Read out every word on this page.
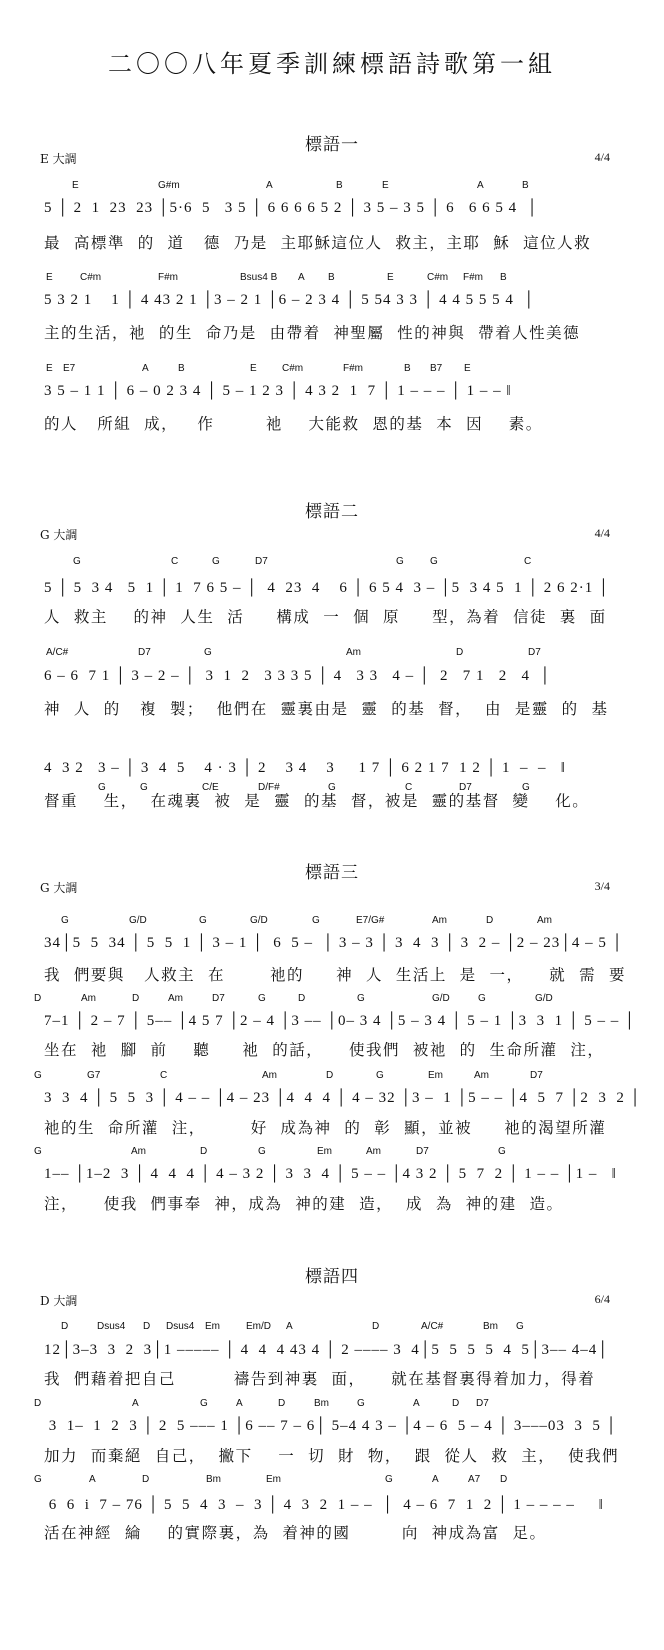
二〇〇八年夏季訓練標語詩歌第一組
標語一
E 大調	4/4
E	G#m	A	B	E	A	B
5 │ 2  1  23  23 │5·6  5   3 5 │ 6 6 6 6 5 2 │ 3 5 – 3 5 │ 6   6 6 5 4  │
最  高標準  的  道   德  乃是  主耶穌這位人  救主，主耶  穌  這位人救
E	C#m	F#m	Bsus4 B A B	E	C#m F#m B
5 3 2 1    1 │ 4 43 2 1 │3 – 2 1 │6 – 2 3 4 │ 5 54 3 3 │ 4 4 5 5 5 4  │
主的生活，祂  的生  命乃是  由帶着  神聖屬  性的神與  帶着人性美德
E E7	A	B	E	C#m	F#m	B B7 E
3 5 – 1 1 │ 6 – 0 2 3 4 │ 5 – 1 2 3 │ 4 3 2  1  7 │ 1 – – – │ 1 – – ‖
的人   所組  成，   作        祂    大能救  恩的基  本  因    素。
標語二
G 大調	4/4
G	C	G	D7	G	G	C
5 │ 5  3 4   5  1 │ 1  7 6 5 – │  4  23  4    6 │ 6 5 4  3 – │5  3 4 5  1 │ 2 6 2·1 │
人  救主    的神  人生  活     構成  一  個  原     型，為着  信徒  裏  面
A/C#	D7	G	Am	D	D7
6 – 6  7 1 │ 3 – 2 – │  3  1  2   3 3 3 5 │ 4   3 3   4 – │  2   7 1   2   4  │
神  人  的   複  製；  他們在  靈裏由是  靈  的基  督，  由  是靈  的  基
G	G	C/E	D/F#	G	C	D7	G
4  3 2   3 – │ 3  4  5    4 · 3 │ 2    3 4    3     1 7 │ 6 2 1 7  1 2 │ 1  –  –   ‖
督重    生，  在魂裏  被  是  靈  的基  督，被是  靈的基督  變    化。
標語三
G 大調	3/4
G	G/D	G	G/D	G	E7/G#	Am	D	Am
34│5  5  34 │ 5  5  1 │ 3 – 1 │  6  5 –  │ 3 – 3 │ 3  4  3 │ 3  2 – │2 – 23│4 – 5 │
我  們要與   人救主  在       祂的     神  人  生活上  是  一，    就  需  要
D	Am	D	Am	D7	G	D	G	G/D	G	G/D
7–1 │ 2 – 7 │ 5–– │4 5 7 │2 – 4 │3 –– │0– 3 4 │5 – 3 4 │ 5 – 1 │3  3  1 │ 5 – – │
坐在  祂  腳  前    聽     祂  的話，    使我們  被祂  的  生命所灌  注，
G	G7	C	Am	D	G	Em	Am	D7
3  3  4 │ 5  5  3 │ 4 – – │4 – 23 │4  4  4 │ 4 – 32 │3 –  1 │5 – – │4  5  7 │2  3  2 │
祂的生  命所灌  注，       好  成為神  的  彰  顯，並被     祂的渴望所灌
G	Am	D	G	Em	Am	D7	G
1–– │1–2  3 │ 4  4  4 │ 4 – 3 2 │ 3  3  4 │ 5 – – │4 3 2 │ 5  7  2 │ 1 – – │1 –   ‖
注，    使我  們事奉  神，成為  神的建  造，  成  為  神的建  造。
標語四
D 大調	6/4
D	Dsus4 D Dsus4 Em	Em/D A	D	A/C#	Bm G
12│3–3  3  2  3│1 ––––– │ 4  4  4 43 4 │ 2 –––– 3  4│5  5  5  5  4  5│3–– 4–4│
我  們藉着把自己         禱告到神裏  面，    就在基督裏得着加力，得着
D	A	G	A	D	Bm	G	A	D D7
3  1–  1  2  3 │ 2  5 ––– 1 │6 –– 7 – 6│ 5–4 4 3 – │4 – 6  5 – 4 │ 3–––03  3  5 │
加力  而棄絕  自己，  撇下    一  切  財  物，  跟  從人  救  主，  使我們
G	A	D	Bm	Em	G	A	A7 D
6  6  i  7 – 76 │ 5  5  4  3  –  3 │ 4  3  2  1 – –  │  4 – 6  7  1  2 │ 1 – – – –     ‖
活在神經  綸    的實際裏，為  着神的國        向  神成為富  足。
